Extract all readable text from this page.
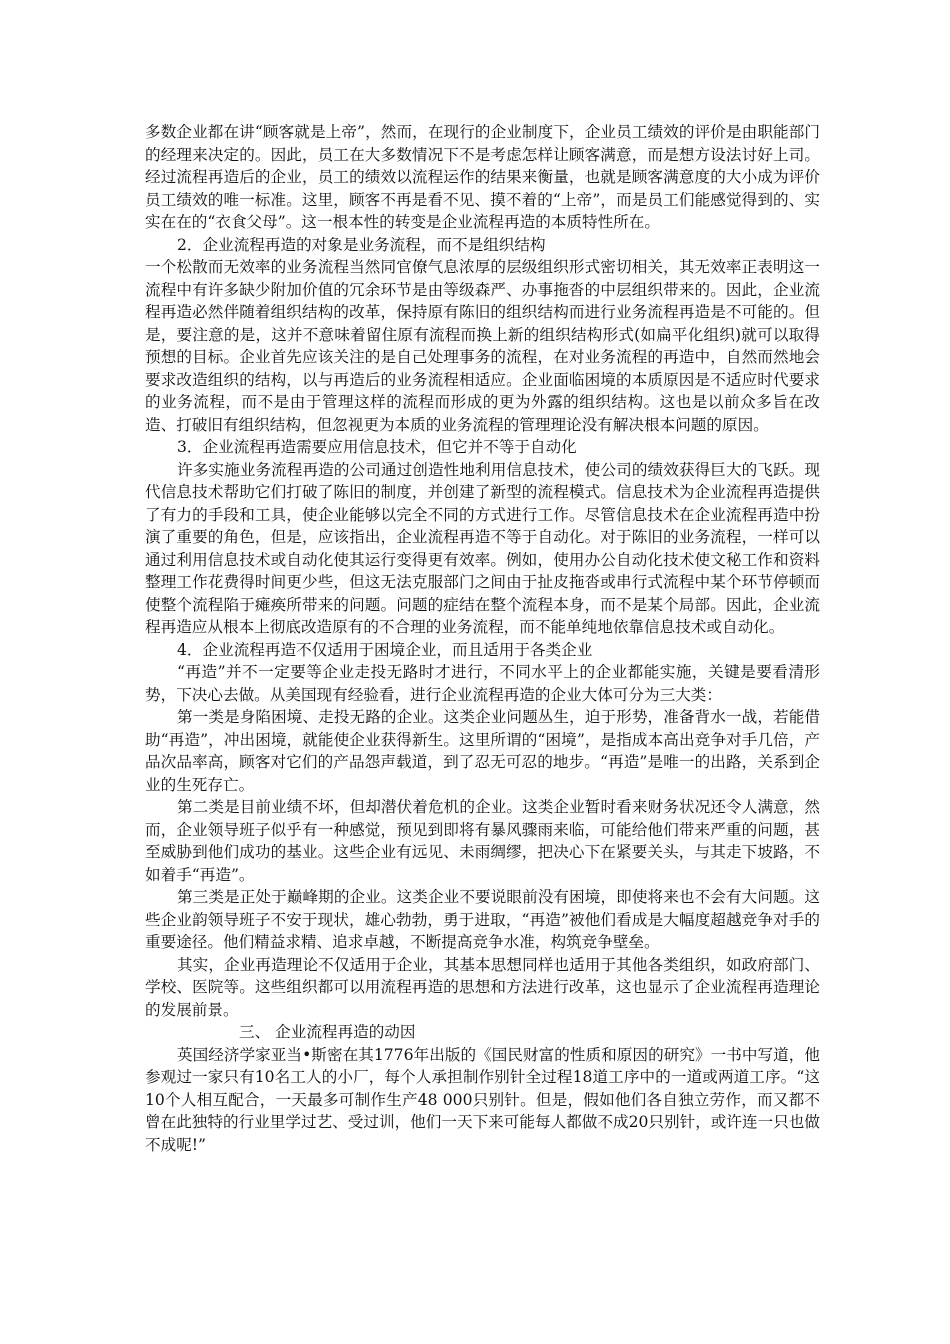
多数企业都在讲“顾客就是上帝”，然而，在现行的企业制度下，企业员工绩效的评价是由职能部门的经理来决定的。因此，员工在大多数情况下不是考虑怎样让顾客满意，而是想方设法讨好上司。经过流程再造后的企业，员工的绩效以流程运作的结果来衡量，也就是顾客满意度的大小成为评价员工绩效的唯一标准。这里，顾客不再是看不见、摸不着的“上帝”，而是员工们能感觉得到的、实实在在的“衣食父母”。这一根本性的转变是企业流程再造的本质特性所在。

2．企业流程再造的对象是业务流程，而不是组织结构

一个松散而无效率的业务流程当然同官僚气息浓厚的层级组织形式密切相关，其无效率正表明这一流程中有许多缺少附加价值的冗余环节是由等级森严、办事拖沓的中层组织带来的。因此，企业流程再造必然伴随着组织结构的改革，保持原有陈旧的组织结构而进行业务流程再造是不可能的。但是，要注意的是，这并不意味着留住原有流程而换上新的组织结构形式(如扁平化组织)就可以取得预想的目标。企业首先应该关注的是自己处理事务的流程，在对业务流程的再造中，自然而然地会要求改造组织的结构，以与再造后的业务流程相适应。企业面临困境的本质原因是不适应时代要求的业务流程，而不是由于管理这样的流程而形成的更为外露的组织结构。这也是以前众多旨在改造、打破旧有组织结构，但忽视更为本质的业务流程的管理理论没有解决根本问题的原因。

3．企业流程再造需要应用信息技术，但它并不等于自动化

许多实施业务流程再造的公司通过创造性地利用信息技术，使公司的绩效获得巨大的飞跃。现代信息技术帮助它们打破了陈旧的制度，并创建了新型的流程模式。信息技术为企业流程再造提供了有力的手段和工具，使企业能够以完全不同的方式进行工作。尽管信息技术在企业流程再造中扮演了重要的角色，但是，应该指出，企业流程再造不等于自动化。对于陈旧的业务流程，一样可以通过利用信息技术或自动化使其运行变得更有效率。例如，使用办公自动化技术使文秘工作和资料整理工作花费得时间更少些，但这无法克服部门之间由于扯皮拖沓或串行式流程中某个环节停顿而使整个流程陷于瘫痪所带来的问题。问题的症结在整个流程本身，而不是某个局部。因此，企业流程再造应从根本上彻底改造原有的不合理的业务流程，而不能单纯地依靠信息技术或自动化。

4．企业流程再造不仅适用于困境企业，而且适用于各类企业

“再造”并不一定要等企业走投无路时才进行，不同水平上的企业都能实施，关键是要看清形势，下决心去做。从美国现有经验看，进行企业流程再造的企业大体可分为三大类：

第一类是身陷困境、走投无路的企业。这类企业问题丛生，迫于形势，准备背水一战，若能借助“再造”，冲出困境，就能使企业获得新生。这里所谓的“困境”，是指成本高出竞争对手几倍，产品次品率高，顾客对它们的产品怨声载道，到了忍无可忍的地步。“再造”是唯一的出路，关系到企业的生死存亡。

第二类是目前业绩不坏，但却潜伏着危机的企业。这类企业暂时看来财务状况还令人满意，然而，企业领导班子似乎有一种感觉，预见到即将有暴风骤雨来临，可能给他们带来严重的问题，甚至威胁到他们成功的基业。这些企业有远见、未雨绸缪，把决心下在紧要关头，与其走下坡路，不如着手“再造”。

第三类是正处于巅峰期的企业。这类企业不要说眼前没有困境，即使将来也不会有大问题。这些企业韵领导班子不安于现状，雄心勃勃，勇于进取，“再造”被他们看成是大幅度超越竞争对手的重要途径。他们精益求精、追求卓越，不断提高竞争水准，构筑竞争壁垒。

其实，企业再造理论不仅适用于企业，其基本思想同样也适用于其他各类组织，如政府部门、学校、医院等。这些组织都可以用流程再造的思想和方法进行改革，这也显示了企业流程再造理论的发展前景。

三、 企业流程再造的动因

英国经济学家亚当•斯密在其1776年出版的《国民财富的性质和原因的研究》一书中写道，他参观过一家只有10名工人的小厂，每个人承担制作别针全过程18道工序中的一道或两道工序。“这10个人相互配合，一天最多可制作生产48 000只别针。但是，假如他们各自独立劳作，而又都不曾在此独特的行业里学过艺、受过训，他们一天下来可能每人都做不成20只别针，或许连一只也做不成呢!”
